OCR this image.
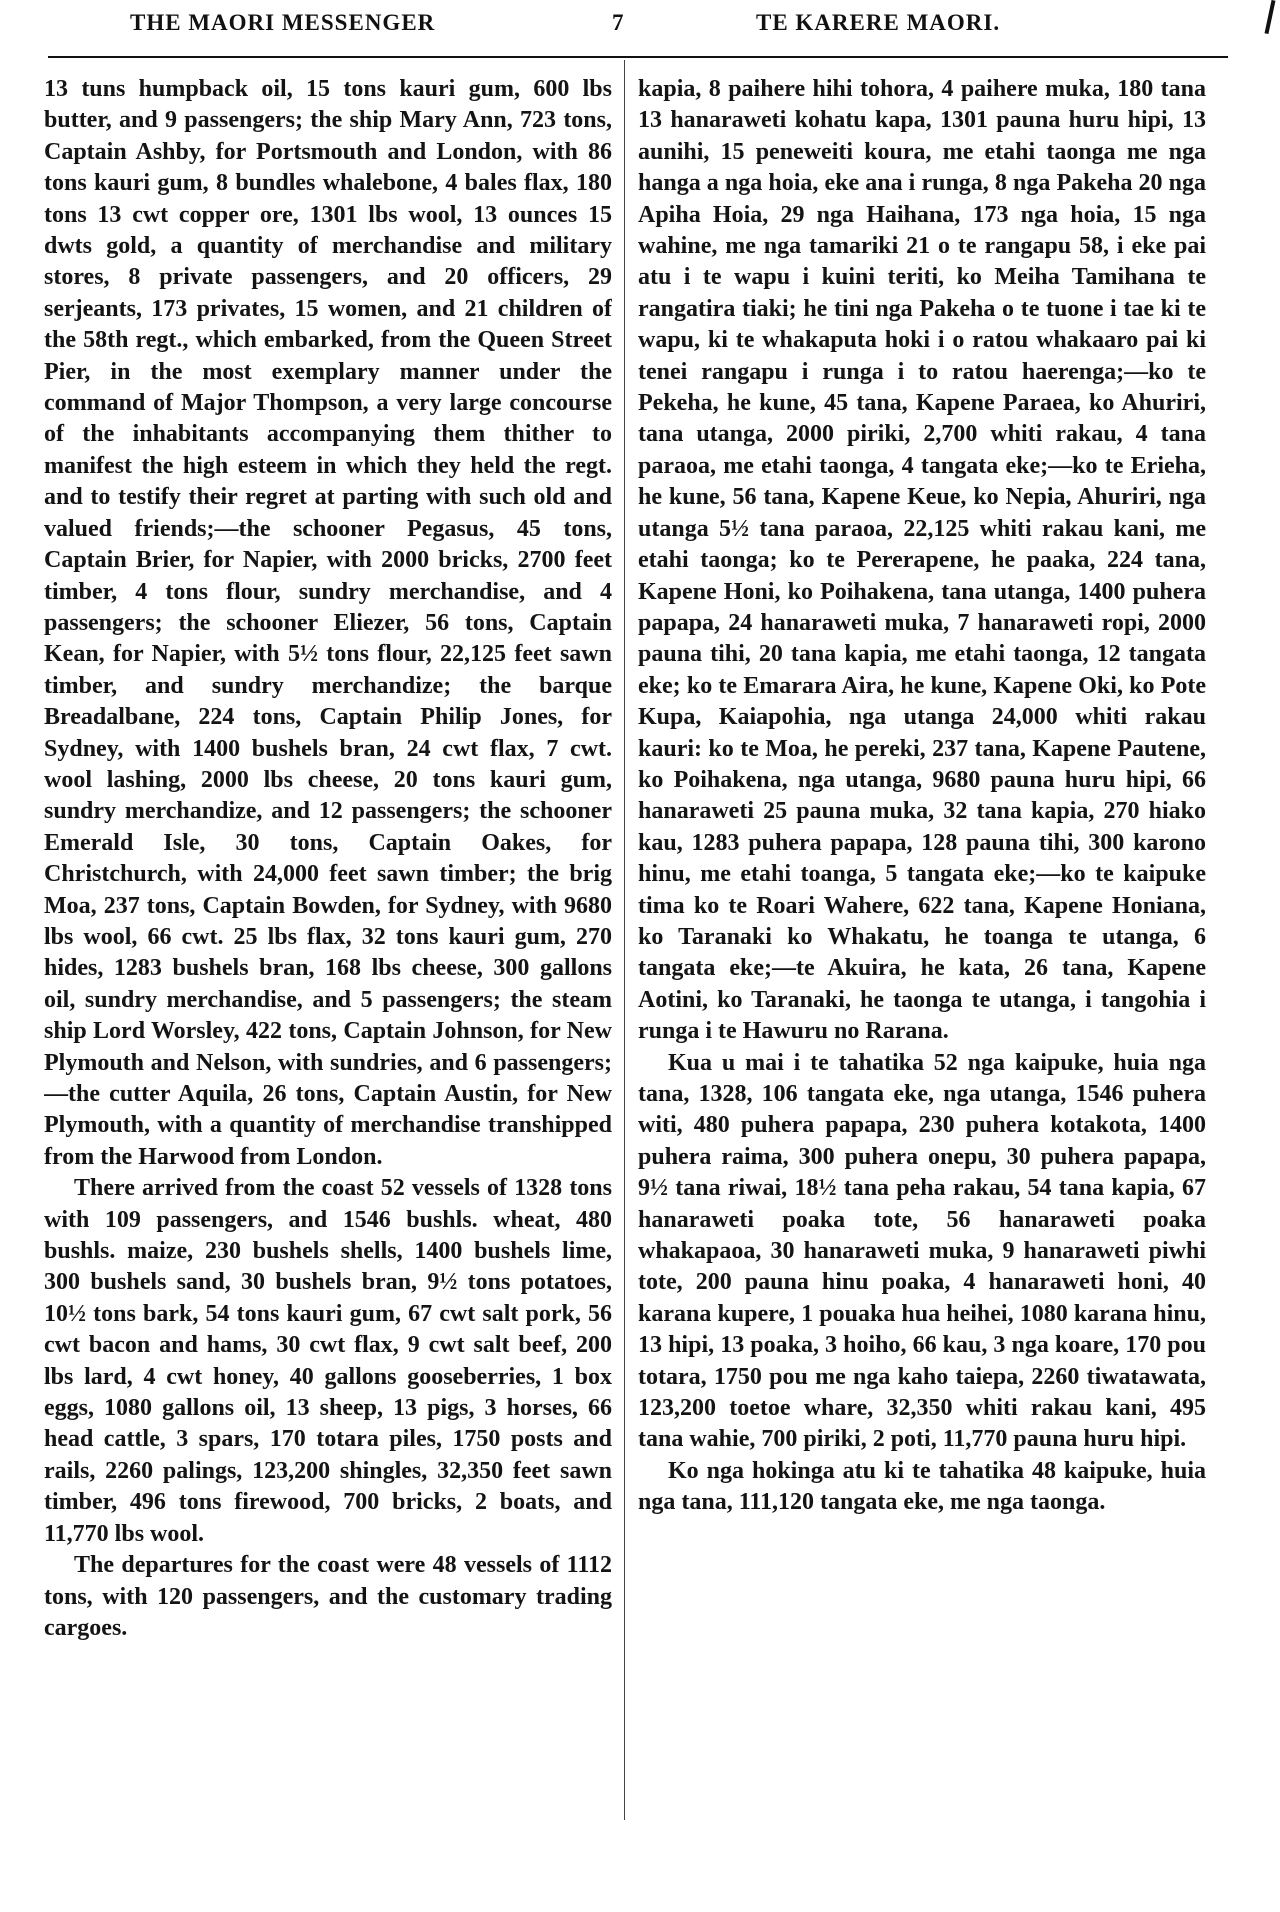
THE MAORI MESSENGER	7	TE KARERE MAORI.

13 tuns humpback oil, 15 tons kauri gum, 600 lbs butter, and 9 passengers; the ship Mary Ann, 723 tons, Captain Ashby, for Portsmouth and London, with 86 tons kauri gum, 8 bundles whalebone, 4 bales flax, 180 tons 13 cwt copper ore, 1301 lbs wool, 13 ounces 15 dwts gold, a quantity of merchandise and military stores, 8 private passengers, and 20 officers, 29 serjeants, 173 privates, 15 women, and 21 children of the 58th regt., which embarked, from the Queen Street Pier, in the most exemplary manner under the command of Major Thompson, a very large concourse of the inhabitants accompanying them thither to manifest the high esteem in which they held the regt. and to testify their regret at parting with such old and valued friends;—the schooner Pegasus, 45 tons, Captain Brier, for Napier, with 2000 bricks, 2700 feet timber, 4 tons flour, sundry merchandise, and 4 passengers; the schooner Eliezer, 56 tons, Captain Kean, for Napier, with 5½ tons flour, 22,125 feet sawn timber, and sundry merchandize; the barque Breadalbane, 224 tons, Captain Philip Jones, for Sydney, with 1400 bushels bran, 24 cwt flax, 7 cwt. wool lashing, 2000 lbs cheese, 20 tons kauri gum, sundry merchandize, and 12 passengers; the schooner Emerald Isle, 30 tons, Captain Oakes, for Christchurch, with 24,000 feet sawn timber; the brig Moa, 237 tons, Captain Bowden, for Sydney, with 9680 lbs wool, 66 cwt. 25 lbs flax, 32 tons kauri gum, 270 hides, 1283 bushels bran, 168 lbs cheese, 300 gallons oil, sundry merchandise, and 5 passengers; the steam ship Lord Worsley, 422 tons, Captain Johnson, for New Plymouth and Nelson, with sundries, and 6 passengers;—the cutter Aquila, 26 tons, Captain Austin, for New Plymouth, with a quantity of merchandise transhipped from the Harwood from London.

There arrived from the coast 52 vessels of 1328 tons with 109 passengers, and 1546 bushls. wheat, 480 bushls. maize, 230 bushels shells, 1400 bushels lime, 300 bushels sand, 30 bushels bran, 9½ tons potatoes, 10½ tons bark, 54 tons kauri gum, 67 cwt salt pork, 56 cwt bacon and hams, 30 cwt flax, 9 cwt salt beef, 200 lbs lard, 4 cwt honey, 40 gallons gooseberries, 1 box eggs, 1080 gallons oil, 13 sheep, 13 pigs, 3 horses, 66 head cattle, 3 spars, 170 totara piles, 1750 posts and rails, 2260 palings, 123,200 shingles, 32,350 feet sawn timber, 496 tons firewood, 700 bricks, 2 boats, and 11,770 lbs wool.

The departures for the coast were 48 vessels of 1112 tons, with 120 passengers, and the customary trading cargoes.

kapia, 8 paihere hihi tohora, 4 paihere muka, 180 tana 13 hanaraweti kohatu kapa, 1301 pauna huru hipi, 13 aunihi, 15 peneweiti koura, me etahi taonga me nga hanga a nga hoia, eke ana i runga, 8 nga Pakeha 20 nga Apiha Hoia, 29 nga Haihana, 173 nga hoia, 15 nga wahine, me nga tamariki 21 o te rangapu 58, i eke pai atu i te wapu i kuini teriti, ko Meiha Tamihana te rangatira tiaki; he tini nga Pakeha o te tuone i tae ki te wapu, ki te whakaputa hoki i o ratou whakaaro pai ki tenei rangapu i runga i to ratou haerenga;—ko te Pekeha, he kune, 45 tana, Kapene Paraea, ko Ahuriri, tana utanga, 2000 piriki, 2,700 whiti rakau, 4 tana paraoa, me etahi taonga, 4 tangata eke;—ko te Erieha, he kune, 56 tana, Kapene Keue, ko Nepia, Ahuriri, nga utanga 5½ tana paraoa, 22,125 whiti rakau kani, me etahi taonga; ko te Pererapene, he paaka, 224 tana, Kapene Honi, ko Poihakena, tana utanga, 1400 puhera papapa, 24 hanaraweti muka, 7 hanaraweti ropi, 2000 pauna tihi, 20 tana kapia, me etahi taonga, 12 tangata eke; ko te Emarara Aira, he kune, Kapene Oki, ko Pote Kupa, Kaiapohia, nga utanga 24,000 whiti rakau kauri: ko te Moa, he pereki, 237 tana, Kapene Pautene, ko Poihakena, nga utanga, 9680 pauna huru hipi, 66 hanaraweti 25 pauna muka, 32 tana kapia, 270 hiako kau, 1283 puhera papapa, 128 pauna tihi, 300 karono hinu, me etahi toanga, 5 tangata eke;—ko te kaipuke tima ko te Roari Wahere, 622 tana, Kapene Honiana, ko Taranaki ko Whakatu, he toanga te utanga, 6 tangata eke;—te Akuira, he kata, 26 tana, Kapene Aotini, ko Taranaki, he taonga te utanga, i tangohia i runga i te Hawuru no Rarana.

Kua u mai i te tahatika 52 nga kaipuke, huia nga tana, 1328, 106 tangata eke, nga utanga, 1546 puhera witi, 480 puhera papapa, 230 puhera kotakota, 1400 puhera raima, 300 puhera onepu, 30 puhera papapa, 9½ tana riwai, 18½ tana peha rakau, 54 tana kapia, 67 hanaraweti poaka tote, 56 hanaraweti poaka whakapaoa, 30 hanaraweti muka, 9 hanaraweti piwhi tote, 200 pauna hinu poaka, 4 hanaraweti honi, 40 karana kupere, 1 pouaka hua heihei, 1080 karana hinu, 13 hipi, 13 poaka, 3 hoiho, 66 kau, 3 nga koare, 170 pou totara, 1750 pou me nga kaho taiepa, 2260 tiwatawata, 123,200 toetoe whare, 32,350 whiti rakau kani, 495 tana wahie, 700 piriki, 2 poti, 11,770 pauna huru hipi.

Ko nga hokinga atu ki te tahatika 48 kaipuke, huia nga tana, 111,120 tangata eke, me nga taonga.
